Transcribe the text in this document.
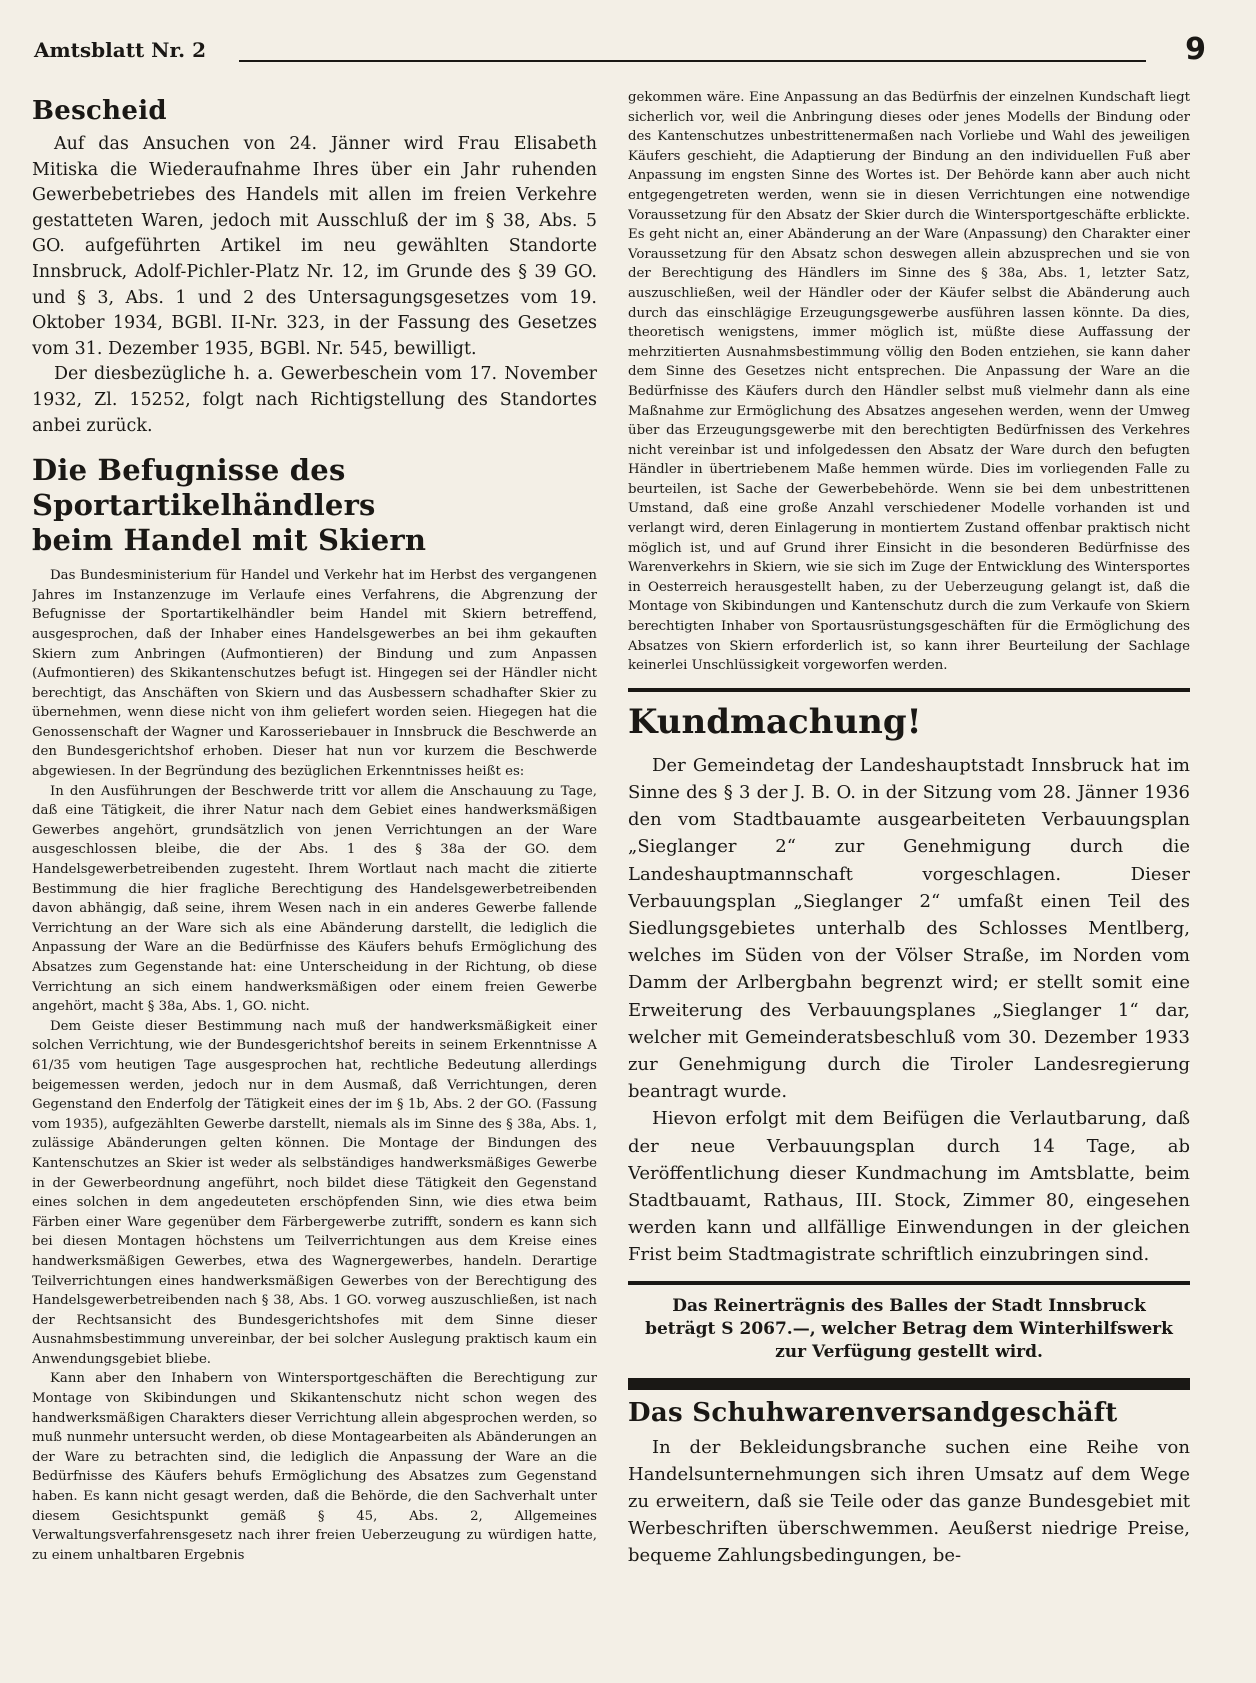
Amtsblatt Nr. 2	9
Bescheid

Auf das Ansuchen von 24. Jänner wird Frau Elisabeth Mitiska die Wiederaufnahme Ihres über ein Jahr ruhenden Gewerbebetriebes des Handels mit allen im freien Verkehre gestatteten Waren, jedoch mit Ausschluß der im § 38, Abs. 5 GO. aufgeführten Artikel im neu gewählten Standorte Innsbruck, Adolf-Pichler-Platz Nr. 12, im Grunde des § 39 GO. und § 3, Abs. 1 und 2 des Untersagungsgesetzes vom 19. Oktober 1934, BGBl. II-Nr. 323, in der Fassung des Gesetzes vom 31. Dezember 1935, BGBl. Nr. 545, bewilligt.

Der diesbezügliche h. a. Gewerbeschein vom 17. November 1932, Zl. 15252, folgt nach Richtigstellung des Standortes anbei zurück.

Die Befugnisse des Sportartikelhändlers
beim Handel mit Skiern

Das Bundesministerium für Handel und Verkehr hat im Herbst des vergangenen Jahres im Instanzenzuge im Verlaufe eines Verfahrens, die Abgrenzung der Befugnisse der Sportartikelhändler beim Handel mit Skiern betreffend, ausgesprochen, daß der Inhaber eines Handelsgewerbes an bei ihm gekauften Skiern zum Anbringen (Aufmontieren) der Bindung und zum Anpassen (Aufmontieren) des Skikantenschutzes befugt ist. Hingegen sei der Händler nicht berechtigt, das Anschäften von Skiern und das Ausbessern schadhafter Skier zu übernehmen, wenn diese nicht von ihm geliefert worden seien. Hiegegen hat die Genossenschaft der Wagner und Karosseriebauer in Innsbruck die Beschwerde an den Bundesgerichtshof erhoben. Dieser hat nun vor kurzem die Beschwerde abgewiesen. In der Begründung des bezüglichen Erkenntnisses heißt es:

In den Ausführungen der Beschwerde tritt vor allem die Anschauung zu Tage, daß eine Tätigkeit, die ihrer Natur nach dem Gebiet eines handwerksmäßigen Gewerbes angehört, grundsätzlich von jenen Verrichtungen an der Ware ausgeschlossen bleibe, die der Abs. 1 des § 38a der GO. dem Handelsgewerbetreibenden zugesteht. Ihrem Wortlaut nach macht die zitierte Bestimmung die hier fragliche Berechtigung des Handelsgewerbetreibenden davon abhängig, daß seine, ihrem Wesen nach in ein anderes Gewerbe fallende Verrichtung an der Ware sich als eine Abänderung darstellt, die lediglich die Anpassung der Ware an die Bedürfnisse des Käufers behufs Ermöglichung des Absatzes zum Gegenstande hat: eine Unterscheidung in der Richtung, ob diese Verrichtung an sich einem handwerksmäßigen oder einem freien Gewerbe angehört, macht § 38a, Abs. 1, GO. nicht.

Dem Geiste dieser Bestimmung nach muß der handwerksmäßigkeit einer solchen Verrichtung, wie der Bundesgerichtshof bereits in seinem Erkenntnisse A 61/35 vom heutigen Tage ausgesprochen hat, rechtliche Bedeutung allerdings beigemessen werden, jedoch nur in dem Ausmaß, daß Verrichtungen, deren Gegenstand den Enderfolg der Tätigkeit eines der im § 1b, Abs. 2 der GO. (Fassung vom 1935), aufgezählten Gewerbe darstellt, niemals als im Sinne des § 38a, Abs. 1, zulässige Abänderungen gelten können. Die Montage der Bindungen des Kantenschutzes an Skier ist weder als selbständiges handwerksmäßiges Gewerbe in der Gewerbeordnung angeführt, noch bildet diese Tätigkeit den Gegenstand eines solchen in dem angedeuteten erschöpfenden Sinn, wie dies etwa beim Färben einer Ware gegenüber dem Färbergewerbe zutrifft, sondern es kann sich bei diesen Montagen höchstens um Teilverrichtungen aus dem Kreise eines handwerksmäßigen Gewerbes, etwa des Wagnergewerbes, handeln. Derartige Teilverrichtungen eines handwerksmäßigen Gewerbes von der Berechtigung des Handelsgewerbetreibenden nach § 38, Abs. 1 GO. vorweg auszuschließen, ist nach der Rechtsansicht des Bundesgerichtshofes mit dem Sinne dieser Ausnahmsbestimmung unvereinbar, der bei solcher Auslegung praktisch kaum ein Anwendungsgebiet bliebe.

Kann aber den Inhabern von Wintersportgeschäften die Berechtigung zur Montage von Skibindungen und Skikantenschutz nicht schon wegen des handwerksmäßigen Charakters dieser Verrichtung allein abgesprochen werden, so muß nunmehr untersucht werden, ob diese Montagearbeiten als Abänderungen an der Ware zu betrachten sind, die lediglich die Anpassung der Ware an die Bedürfnisse des Käufers behufs Ermöglichung des Absatzes zum Gegenstand haben. Es kann nicht gesagt werden, daß die Behörde, die den Sachverhalt unter diesem Gesichtspunkt gemäß § 45, Abs. 2, Allgemeines Verwaltungsverfahrensgesetz nach ihrer freien Ueberzeugung zu würdigen hatte, zu einem unhaltbaren Ergebnis

gekommen wäre. Eine Anpassung an das Bedürfnis der einzelnen Kundschaft liegt sicherlich vor, weil die Anbringung dieses oder jenes Modells der Bindung oder des Kantenschutzes unbestrittenermaßen nach Vorliebe und Wahl des jeweiligen Käufers geschieht, die Adaptierung der Bindung an den individuellen Fuß aber Anpassung im engsten Sinne des Wortes ist. Der Behörde kann aber auch nicht entgegengetreten werden, wenn sie in diesen Verrichtungen eine notwendige Voraussetzung für den Absatz der Skier durch die Wintersportgeschäfte erblickte. Es geht nicht an, einer Abänderung an der Ware (Anpassung) den Charakter einer Voraussetzung für den Absatz schon deswegen allein abzusprechen und sie von der Berechtigung des Händlers im Sinne des § 38a, Abs. 1, letzter Satz, auszuschließen, weil der Händler oder der Käufer selbst die Abänderung auch durch das einschlägige Erzeugungsgewerbe ausführen lassen könnte. Da dies, theoretisch wenigstens, immer möglich ist, müßte diese Auffassung der mehrzitierten Ausnahmsbestimmung völlig den Boden entziehen, sie kann daher dem Sinne des Gesetzes nicht entsprechen. Die Anpassung der Ware an die Bedürfnisse des Käufers durch den Händler selbst muß vielmehr dann als eine Maßnahme zur Ermöglichung des Absatzes angesehen werden, wenn der Umweg über das Erzeugungsgewerbe mit den berechtigten Bedürfnissen des Verkehres nicht vereinbar ist und infolgedessen den Absatz der Ware durch den befugten Händler in übertriebenem Maße hemmen würde. Dies im vorliegenden Falle zu beurteilen, ist Sache der Gewerbebehörde. Wenn sie bei dem unbestrittenen Umstand, daß eine große Anzahl verschiedener Modelle vorhanden ist und verlangt wird, deren Einlagerung in montiertem Zustand offenbar praktisch nicht möglich ist, und auf Grund ihrer Einsicht in die besonderen Bedürfnisse des Warenverkehrs in Skiern, wie sie sich im Zuge der Entwicklung des Wintersportes in Oesterreich herausgestellt haben, zu der Ueberzeugung gelangt ist, daß die Montage von Skibindungen und Kantenschutz durch die zum Verkaufe von Skiern berechtigten Inhaber von Sportausrüstungsgeschäften für die Ermöglichung des Absatzes von Skiern erforderlich ist, so kann ihrer Beurteilung der Sachlage keinerlei Unschlüssigkeit vorgeworfen werden.

Kundmachung!

Der Gemeindetag der Landeshauptstadt Innsbruck hat im Sinne des § 3 der J. B. O. in der Sitzung vom 28. Jänner 1936 den vom Stadtbauamte ausgearbeiteten Verbauungsplan „Sieglanger 2“ zur Genehmigung durch die Landeshauptmannschaft vorgeschlagen. Dieser Verbauungsplan „Sieglanger 2“ umfaßt einen Teil des Siedlungsgebietes unterhalb des Schlosses Mentlberg, welches im Süden von der Völser Straße, im Norden vom Damm der Arlbergbahn begrenzt wird; er stellt somit eine Erweiterung des Verbauungsplanes „Sieglanger 1“ dar, welcher mit Gemeinderatsbeschluß vom 30. Dezember 1933 zur Genehmigung durch die Tiroler Landesregierung beantragt wurde.

Hievon erfolgt mit dem Beifügen die Verlautbarung, daß der neue Verbauungsplan durch 14 Tage, ab Veröffentlichung dieser Kundmachung im Amtsblatte, beim Stadtbauamt, Rathaus, III. Stock, Zimmer 80, eingesehen werden kann und allfällige Einwendungen in der gleichen Frist beim Stadtmagistrate schriftlich einzubringen sind.

Das Reinerträgnis des Balles der Stadt Innsbruck
beträgt S 2067.—, welcher Betrag dem Winterhilfswerk
zur Verfügung gestellt wird.
Das Schuhwarenversandgeschäft

In der Bekleidungsbranche suchen eine Reihe von Handelsunternehmungen sich ihren Umsatz auf dem Wege zu erweitern, daß sie Teile oder das ganze Bundesgebiet mit Werbeschriften überschwemmen. Aeußerst niedrige Preise, bequeme Zahlungsbedingungen, be-
